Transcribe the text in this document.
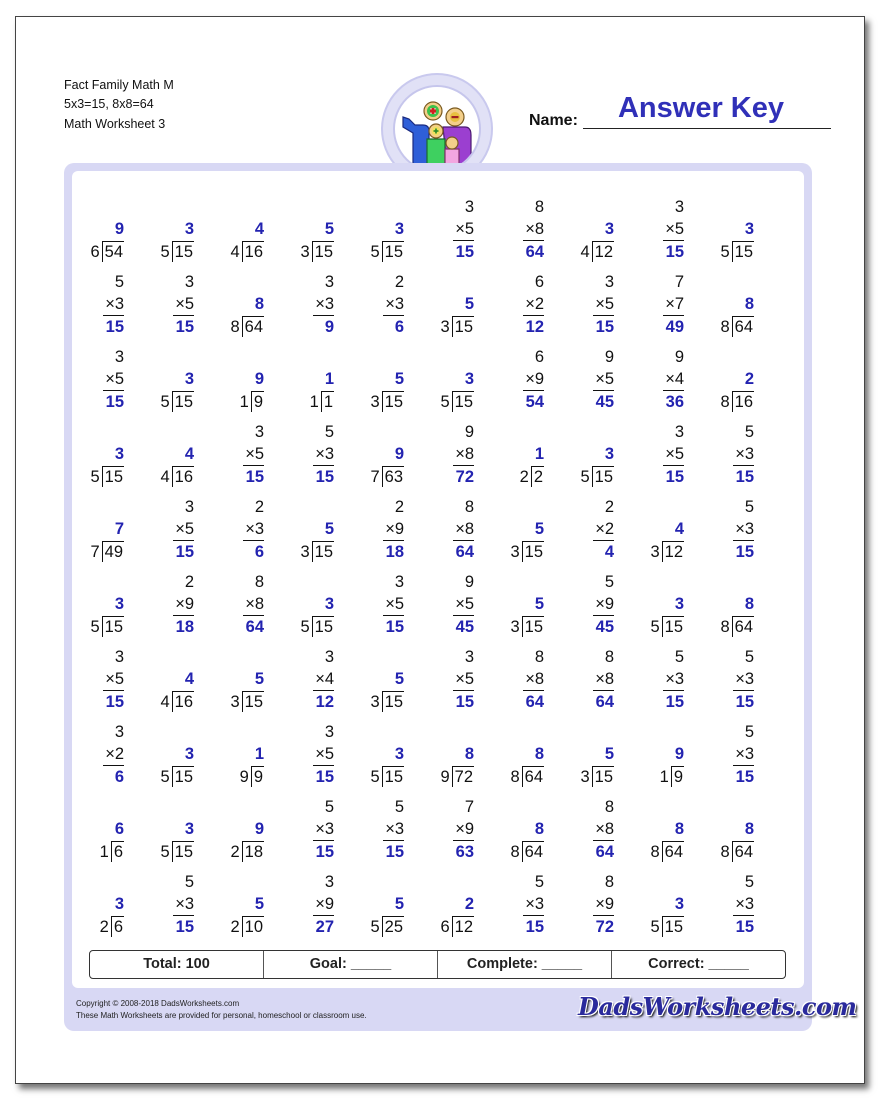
Fact Family Math M
5x3=15, 8x8=64
Math Worksheet 3	Name:	Answer Key
9
6 54
3
5 15
4
4 16
5
3 15
3
5 15
3
×5
15
8
×8
64
3
4 12
3
×5
15
3
5 15
5
×3
15
3
×5
15
8
8 64
3
×3
9
2
×3
6
5
3 15
6
×2
12
3
×5
15
7
×7
49
8
8 64
3
×5
15
3
5 15
9
1 9
1
1 1
5
3 15
3
5 15
6
×9
54
9
×5
45
9
×4
36
2
8 16
3
5 15
4
4 16
3
×5
15
5
×3
15
9
7 63
9
×8
72
1
2 2
3
5 15
3
×5
15
5
×3
15
7
7 49
3
×5
15
2
×3
6
5
3 15
2
×9
18
8
×8
64
5
3 15
2
×2
4
4
3 12
5
×3
15
3
5 15
2
×9
18
8
×8
64
3
5 15
3
×5
15
9
×5
45
5
3 15
5
×9
45
3
5 15
8
8 64
3
×5
15
4
4 16
5
3 15
3
×4
12
5
3 15
3
×5
15
8
×8
64
8
×8
64
5
×3
15
5
×3
15
3
×2
6
3
5 15
1
9 9
3
×5
15
3
5 15
8
9 72
8
8 64
5
3 15
9
1 9
5
×3
15
6
1 6
3
5 15
9
2 18
5
×3
15
5
×3
15
7
×9
63
8
8 64
8
×8
64
8
8 64
8
8 64
3
2 6
5
×3
15
5
2 10
3
×9
27
5
5 25
2
6 12
5
×3
15
8
×9
72
3
5 15
5
×3
15
Total: 100	Goal: _____	Complete: _____	Correct: _____
Copyright © 2008-2018 DadsWorksheets.com
These Math Worksheets are provided for personal, homeschool or classroom use.	DadsWorksheets.com
